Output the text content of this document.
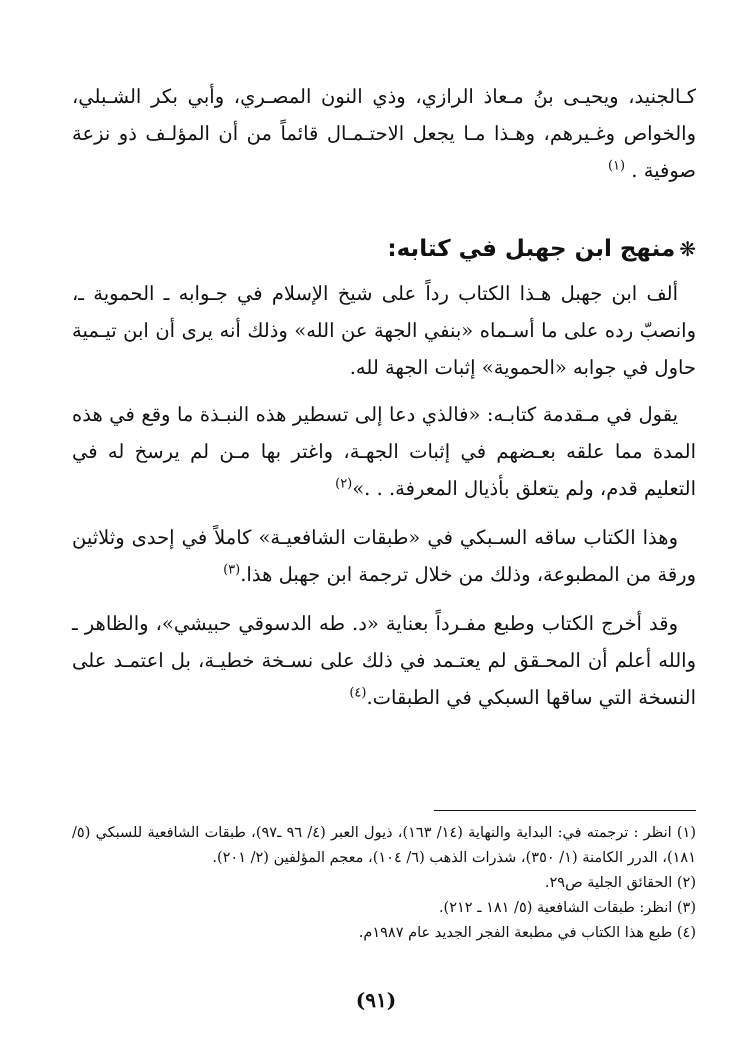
كـالجنيد، ويحيـى بنُ مـعاذ الرازي، وذي النون المصـري، وأبي بكر الشـبلي، والخواص وغـيرهم، وهـذا مـا يجعل الاحتـمـال قائماً من أن المؤلـف ذو نزعة صوفية . $^{(١)}$

❋
منهج ابن جهبل في كتابه:

ألف ابن جهبل هـذا الكتاب رداً على شيخ الإسلام في جـوابه ـ الحموية ـ، وانصبّ رده على ما أسـماه «بنفي الجهة عن الله» وذلك أنه يرى أن ابن تيـمية حاول في جوابه «الحموية» إثبات الجهة لله.

يقول في مـقدمة كتابـه: «فالذي دعا إلى تسطير هذه النبـذة ما وقع في هذه المدة مما علقه بعـضهم في إثبات الجهـة، واغتر بها مـن لم يرسخ له في التعليم قدم، ولم يتعلق بأذيال المعرفة. . .»$^{(٢)}$

وهذا الكتاب ساقه السـبكي في «طبقات الشافعيـة» كاملاً في إحدى وثلاثين ورقة من المطبوعة، وذلك من خلال ترجمة ابن جهبل هذا.$^{(٣)}$

وقد أخرج الكتاب وطبع مفـرداً بعناية «د. طه الدسوقي حبيشي»، والظاهر ـ والله أعلم أن المحـقق لم يعتـمد في ذلك على نسـخة خطيـة، بل اعتمـد على النسخة التي ساقها السبكي في الطبقات.$^{(٤)}$

(١) انظر : ترجمته في: البداية والنهاية (١٤/ ١٦٣)، ذيول العبر (٤/ ٩٦ ـ٩٧)، طبقات الشافعية للسبكي (٥/ ١٨١)، الدرر الكامنة (١/ ٣٥٠)، شذرات الذهب (٦/ ١٠٤)، معجم المؤلفين (٢/ ٢٠١).

(٢) الحقائق الجلية ص٢٩.

(٣) انظر: طبقات الشافعية (٥/ ١٨١ ـ ٢١٢).

(٤) طبع هذا الكتاب في مطبعة الفجر الجديد عام ١٩٨٧م.

(٩١)
